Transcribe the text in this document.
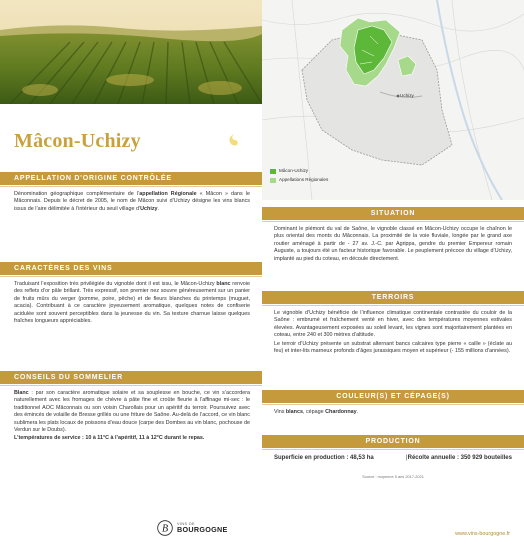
Mâcon-Uchizy
APPELLATION D'ORIGINE CONTRÔLÉE
Dénomination géographique complémentaire de l’appellation Régionale « Mâcon » dans le Mâconnais. Depuis le décret de 2005, le nom de Mâcon suivi d’Uchizy désigne les vins blancs issus de l’aire délimitée à l’intérieur du seuil village d’Uchizy.
CARACTÈRES DES VINS
Traduisant l’exposition très privilégiée du vignoble dont il est issu, le Mâcon-Uchizy blanc renvoie des reflets d’or pâle brillant. Très expressif, son premier nez souvre généreusement sur un panier de fruits mûrs du verger (pomme, poire, pêche) et de fleurs blanches du printemps (muguet, acacia). Contribuant à ce caractère joyeusement aromatique, quelques notes de confiserie acidulée sont souvent perceptibles dans la jeunesse du vin. Sa texture charnue laisse quelques fraîches longueurs appréciables.
CONSEILS DU SOMMELIER
Blanc : par son caractère aromatique solaire et sa souplesse en bouche, ce vin s’accordera naturellement avec les fromages de chèvre à pâte fine et croûte fleurie à l’affinage mi-sec : le traditionnel AOC Mâconnais ou son voisin Charollais pour un apéritif du terroir. Poursuivez avec des émincés de volaille de Bresse grillés ou une friture de Saône. Au-delà de l’accord, ce vin blanc sublimera les plats locaux de poissons d’eau douce (carpe des Dombes au vin blanc, pochouse de Verdun sur le Doubs).
L’températures de service : 10 à 11°C à l’apéritif, 11 à 12°C durant le repas.
Uchizy
Mâcon-Uchizy
Appellations Régionales
SITUATION
Dominant le piémont du val de Saône, le vignoble classé en Mâcon-Uchizy occupe le chaînon le plus oriental des monts du Mâconnais. La proximité de la voie fluviale, longée par le grand axe routier aménagé à partir de - 27 av. J.-C. par Agrippa, gendre du premier Empereur romain Auguste, a toujours été un facteur historique favorable. Le peuplement précoce du village d’Uchizy, implanté au pied du coteau, en découle directement.
TERROIRS

Le vignoble d’Uchizy bénéficie de l’influence climatique continentale contrastée du couloir de la Saône : embrumé et fraîchement venté en hiver, avec des températures moyennes estivales élevées. Avantageusement exposées au soleil levant, les vignes sont majoritairement plantées en coteau, entre 240 et 300 mètres d’altitude.

Le terroir d’Uchizy présente un substrat alternant bancs calcaires type pierre « caille » (éclate au feu) et inter-lits marneux profonds d’âges jurassiques moyen et supérieur (- 155 millions d’années).

COULEUR(S) ET CÉPAGE(S)
Vins blancs, cépage Chardonnay.
PRODUCTION
Superficie en production : 48,53 ha	|Récolte annuelle : 350 929 bouteilles
Source : moyenne 5 ans 2017-2021
B VINS DE
BOURGOGNE	www.vins-bourgogne.fr
